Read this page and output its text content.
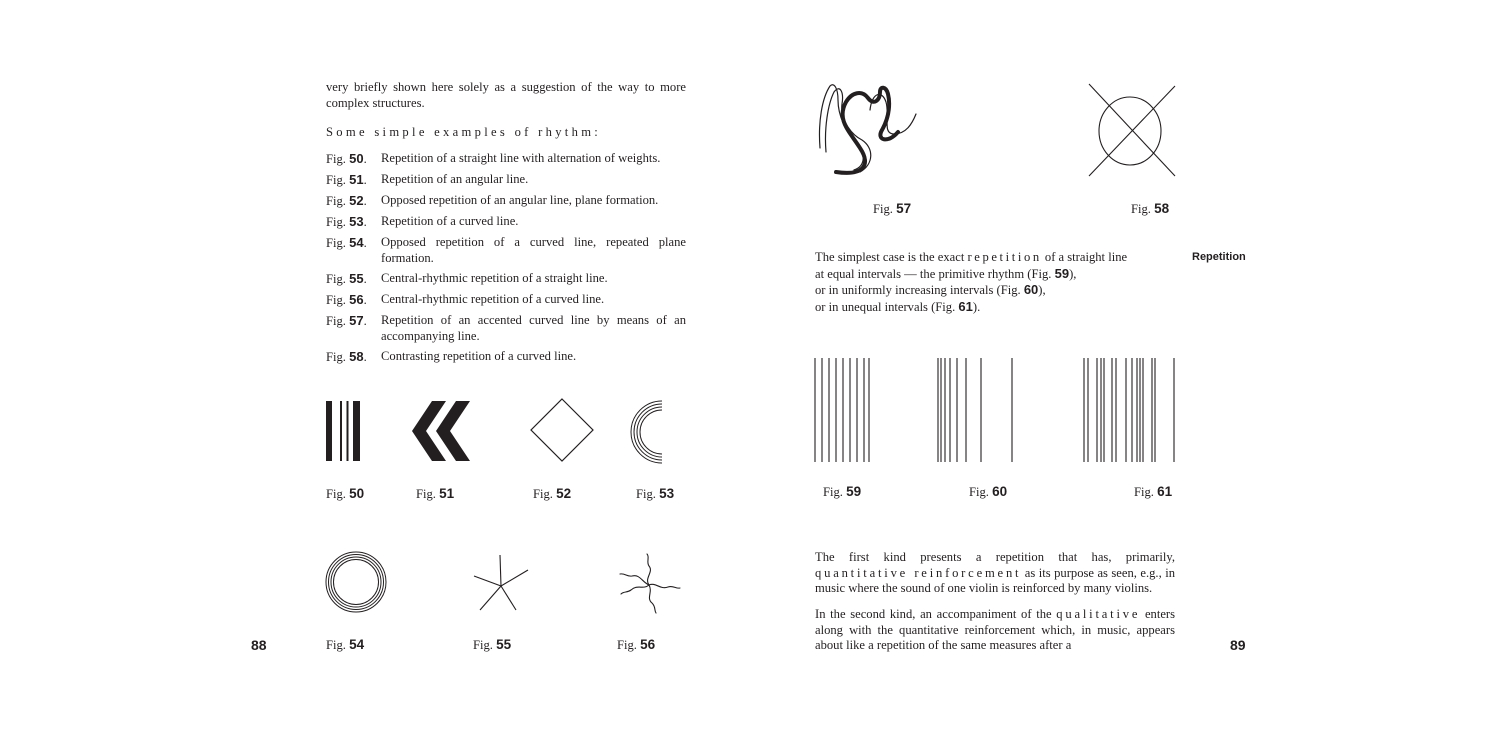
very briefly shown here solely as a suggestion of the way to more
complex structures.
Some simple examples of rhythm:
Fig. 50.	Repetition of a straight line with alternation of weights.
Fig. 51.	Repetition of an angular line.
Fig. 52.	Opposed repetition of an angular line, plane formation.
Fig. 53.	Repetition of a curved line.
Fig. 54.	Opposed repetition of a curved line, repeated plane formation.
Fig. 55.	Central-rhythmic repetition of a straight line.
Fig. 56.	Central-rhythmic repetition of a curved line.
Fig. 57.	Repetition of an accented curved line by means of an accompanying line.
Fig. 58.	Contrasting repetition of a curved line.
Fig. 50	Fig. 51	Fig. 52	Fig. 53
Fig. 54	Fig. 55	Fig. 56
88
Fig. 57	Fig. 58
Repetition
The simplest case is the exact repetition of a straight line
at equal intervals — the primitive rhythm (Fig. 59),
or in uniformly increasing intervals (Fig. 60),
or in unequal intervals (Fig. 61).
Fig. 59	Fig. 60	Fig. 61
The first kind presents a repetition that has, primarily, quantitative reinforcement as its purpose as seen, e.g., in music where the sound of one violin is reinforced by many violins.
In the second kind, an accompaniment of the qualitative enters along with the quantitative reinforcement which, in music, appears about like a repetition of the same measures after a	89
